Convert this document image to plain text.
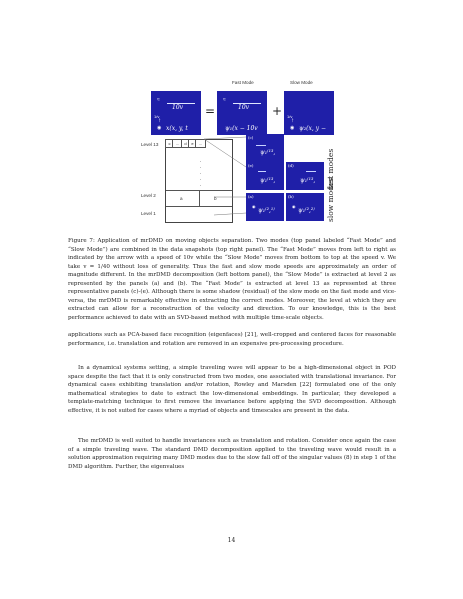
Fast Mode	Slow Mode
≈
10v
1/v
↑
◉ x(x, y, t
=
≈
10v
ψ₁(x − 10v
+ 1/v
↑
◉ ψ₂(x, y −
Level 13
Level 2
Level 1
.
.
.
.
.
c	…	d	e	…
a	b
(c)
ψ₁⁽¹³,
(e)
ψ₁⁽¹³,
(d)
ψ₁⁽¹³,
(a)
◉
ψ₁⁽²,¹⁾
(b)
◉
ψ₁⁽²,²⁾
fast modes
slow modes

Figure 7: Application of mrDMD on moving objects separation. Two modes (top panel labeled “Fast Mode” and “Slow Mode”) are combined in the data snapshots (top right panel). The “Fast Mode” moves from left to right as indicated by the arrow with a speed of 10v while the “Slow Mode” moves from bottom to top at the speed v. We take v = 1/40 without loss of generality. Thus the fast and slow mode speeds are approximately an order of magnitude different. In the mrDMD decomposition (left bottom panel), the “Slow Mode” is extracted at level 2 as represented by the panels (a) and (b). The “Fast Mode” is extracted at level 13 as represented at three representative panels (c)-(e). Although there is some shadow (residual) of the slow mode on the fast mode and vice-versa, the mrDMD is remarkably effective in extracting the correct modes. Moreover, the level at which they are extracted can allow for a reconstruction of the velocity and direction. To our knowledge, this is the best performance achieved to date with an SVD-based method with multiple time-scale objects.

applications such as PCA-based face recognition (eigenfaces) [21], well-cropped and centered faces for reasonable performance, i.e. translation and rotation are removed in an expensive pre-processing procedure.

In a dynamical systems setting, a simple traveling wave will appear to be a high-dimensional object in POD space despite the fact that it is only constructed from two modes, one associated with translational invariance. For dynamical cases exhibiting translation and/or rotation, Rowley and Marsden [22] formulated one of the only mathematical strategies to date to extract the low-dimensional embeddings. In particular, they developed a template-matching technique to first remove the invariance before applying the SVD decomposition. Although effective, it is not suited for cases where a myriad of objects and timescales are present in the data.

The mrDMD is well suited to handle invariances such as translation and rotation. Consider once again the case of a simple traveling wave. The standard DMD decomposition applied to the traveling wave would result in a solution approximation requiring many DMD modes due to the slow fall off of the singular values (8) in step 1 of the DMD algorithm. Further, the eigenvalues

14
